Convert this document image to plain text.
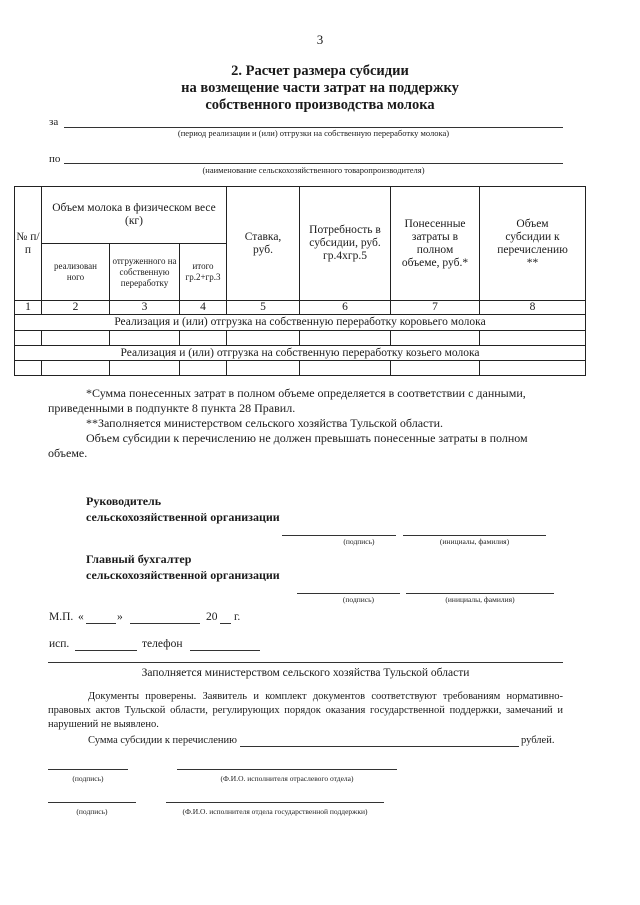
3
2. Расчет размера субсидии
на возмещение части затрат на поддержку
собственного производства молока
за
(период реализации и (или) отгрузки на собственную переработку молока)
по
(наименование сельскохозяйственного товаропроизводителя)
№ п/п	Объем молока в физическом весе (кг)			Ставка, руб.	Потребность в субсидии, руб. гр.4хгр.5	Понесенные затраты в полном объеме, руб.*	Объем субсидии к перечислению **
	реализован ного	отгруженного на собственную переработку	итого гр.2+гр.3				
1	2	3	4	5	6	7	8
Реализация и (или) отгрузка на собственную переработку коровьего молока							

Реализация и (или) отгрузка на собственную переработку козьего молока							

*Сумма понесенных затрат в полном объеме определяется в соответствии с данными, приведенными в подпункте 8 пункта 28 Правил.
**Заполняется министерством сельского хозяйства Тульской области.
Объем субсидии к перечислению не должен превышать понесенные затраты в полном объеме.
Руководитель
сельскохозяйственной организации
(подпись)	(инициалы, фамилия)
Главный бухгалтер
сельскохозяйственной организации
(подпись)	(инициалы, фамилия)
М.П. «	»	20 г.
исп.	телефон
Заполняется министерством сельского хозяйства Тульской области
Документы проверены. Заявитель и комплект документов соответствуют требованиям нормативно-правовых актов Тульской области, регулирующих порядок оказания государственной поддержки, замечаний и нарушений не выявлено.
Сумма субсидии к перечислению	рублей.
(подпись)	(Ф.И.О. исполнителя отраслевого отдела)
(подпись)	(Ф.И.О. исполнителя отдела государственной поддержки)
